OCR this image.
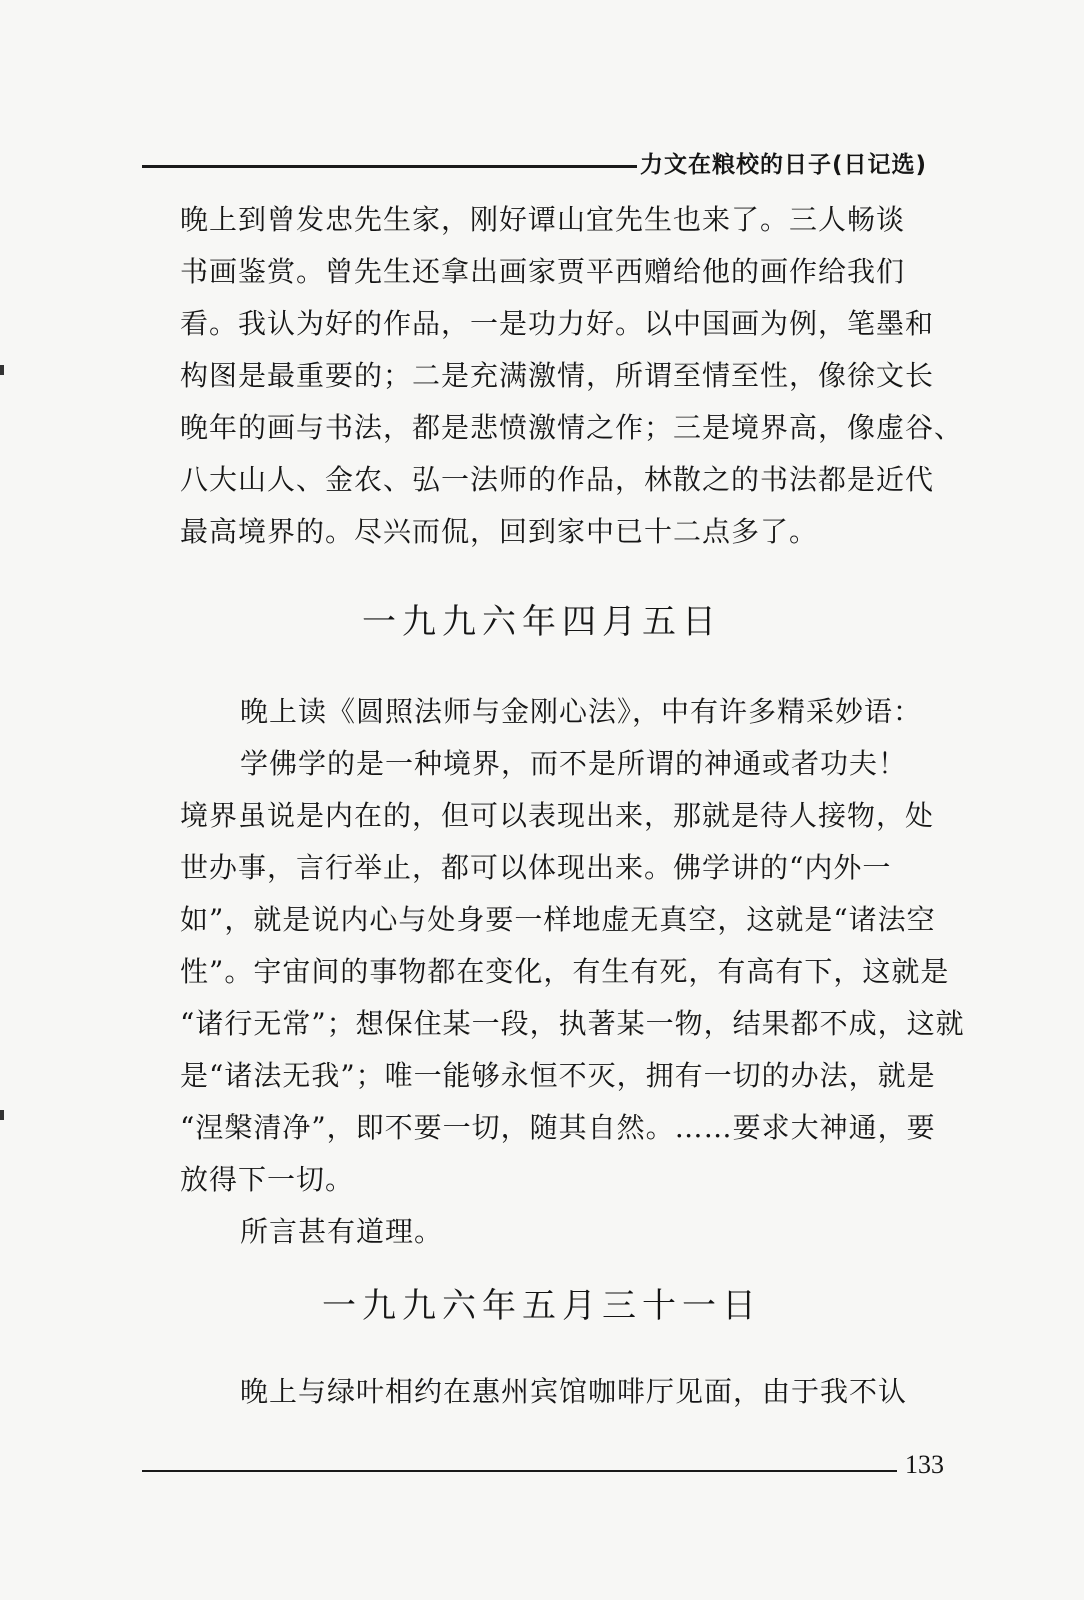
力文在粮校的日子(日记选)
晚上到曾发忠先生家，刚好谭山宜先生也来了。三人畅谈
书画鉴赏。曾先生还拿出画家贾平西赠给他的画作给我们
看。我认为好的作品，一是功力好。以中国画为例，笔墨和
构图是最重要的；二是充满激情，所谓至情至性，像徐文长
晚年的画与书法，都是悲愤激情之作；三是境界高，像虚谷、
八大山人、金农、弘一法师的作品，林散之的书法都是近代
最高境界的。尽兴而侃，回到家中已十二点多了。
一九九六年四月五日
晚上读《圆照法师与金刚心法》，中有许多精采妙语：
学佛学的是一种境界，而不是所谓的神通或者功夫！
境界虽说是内在的，但可以表现出来，那就是待人接物，处
世办事，言行举止，都可以体现出来。佛学讲的“内外一
如”，就是说内心与处身要一样地虚无真空，这就是“诸法空
性”。宇宙间的事物都在变化，有生有死，有高有下，这就是
“诸行无常”；想保住某一段，执著某一物，结果都不成，这就
是“诸法无我”；唯一能够永恒不灭，拥有一切的办法，就是
“涅槃清净”，即不要一切，随其自然。……要求大神通，要
放得下一切。
所言甚有道理。
一九九六年五月三十一日
晚上与绿叶相约在惠州宾馆咖啡厅见面，由于我不认
133
